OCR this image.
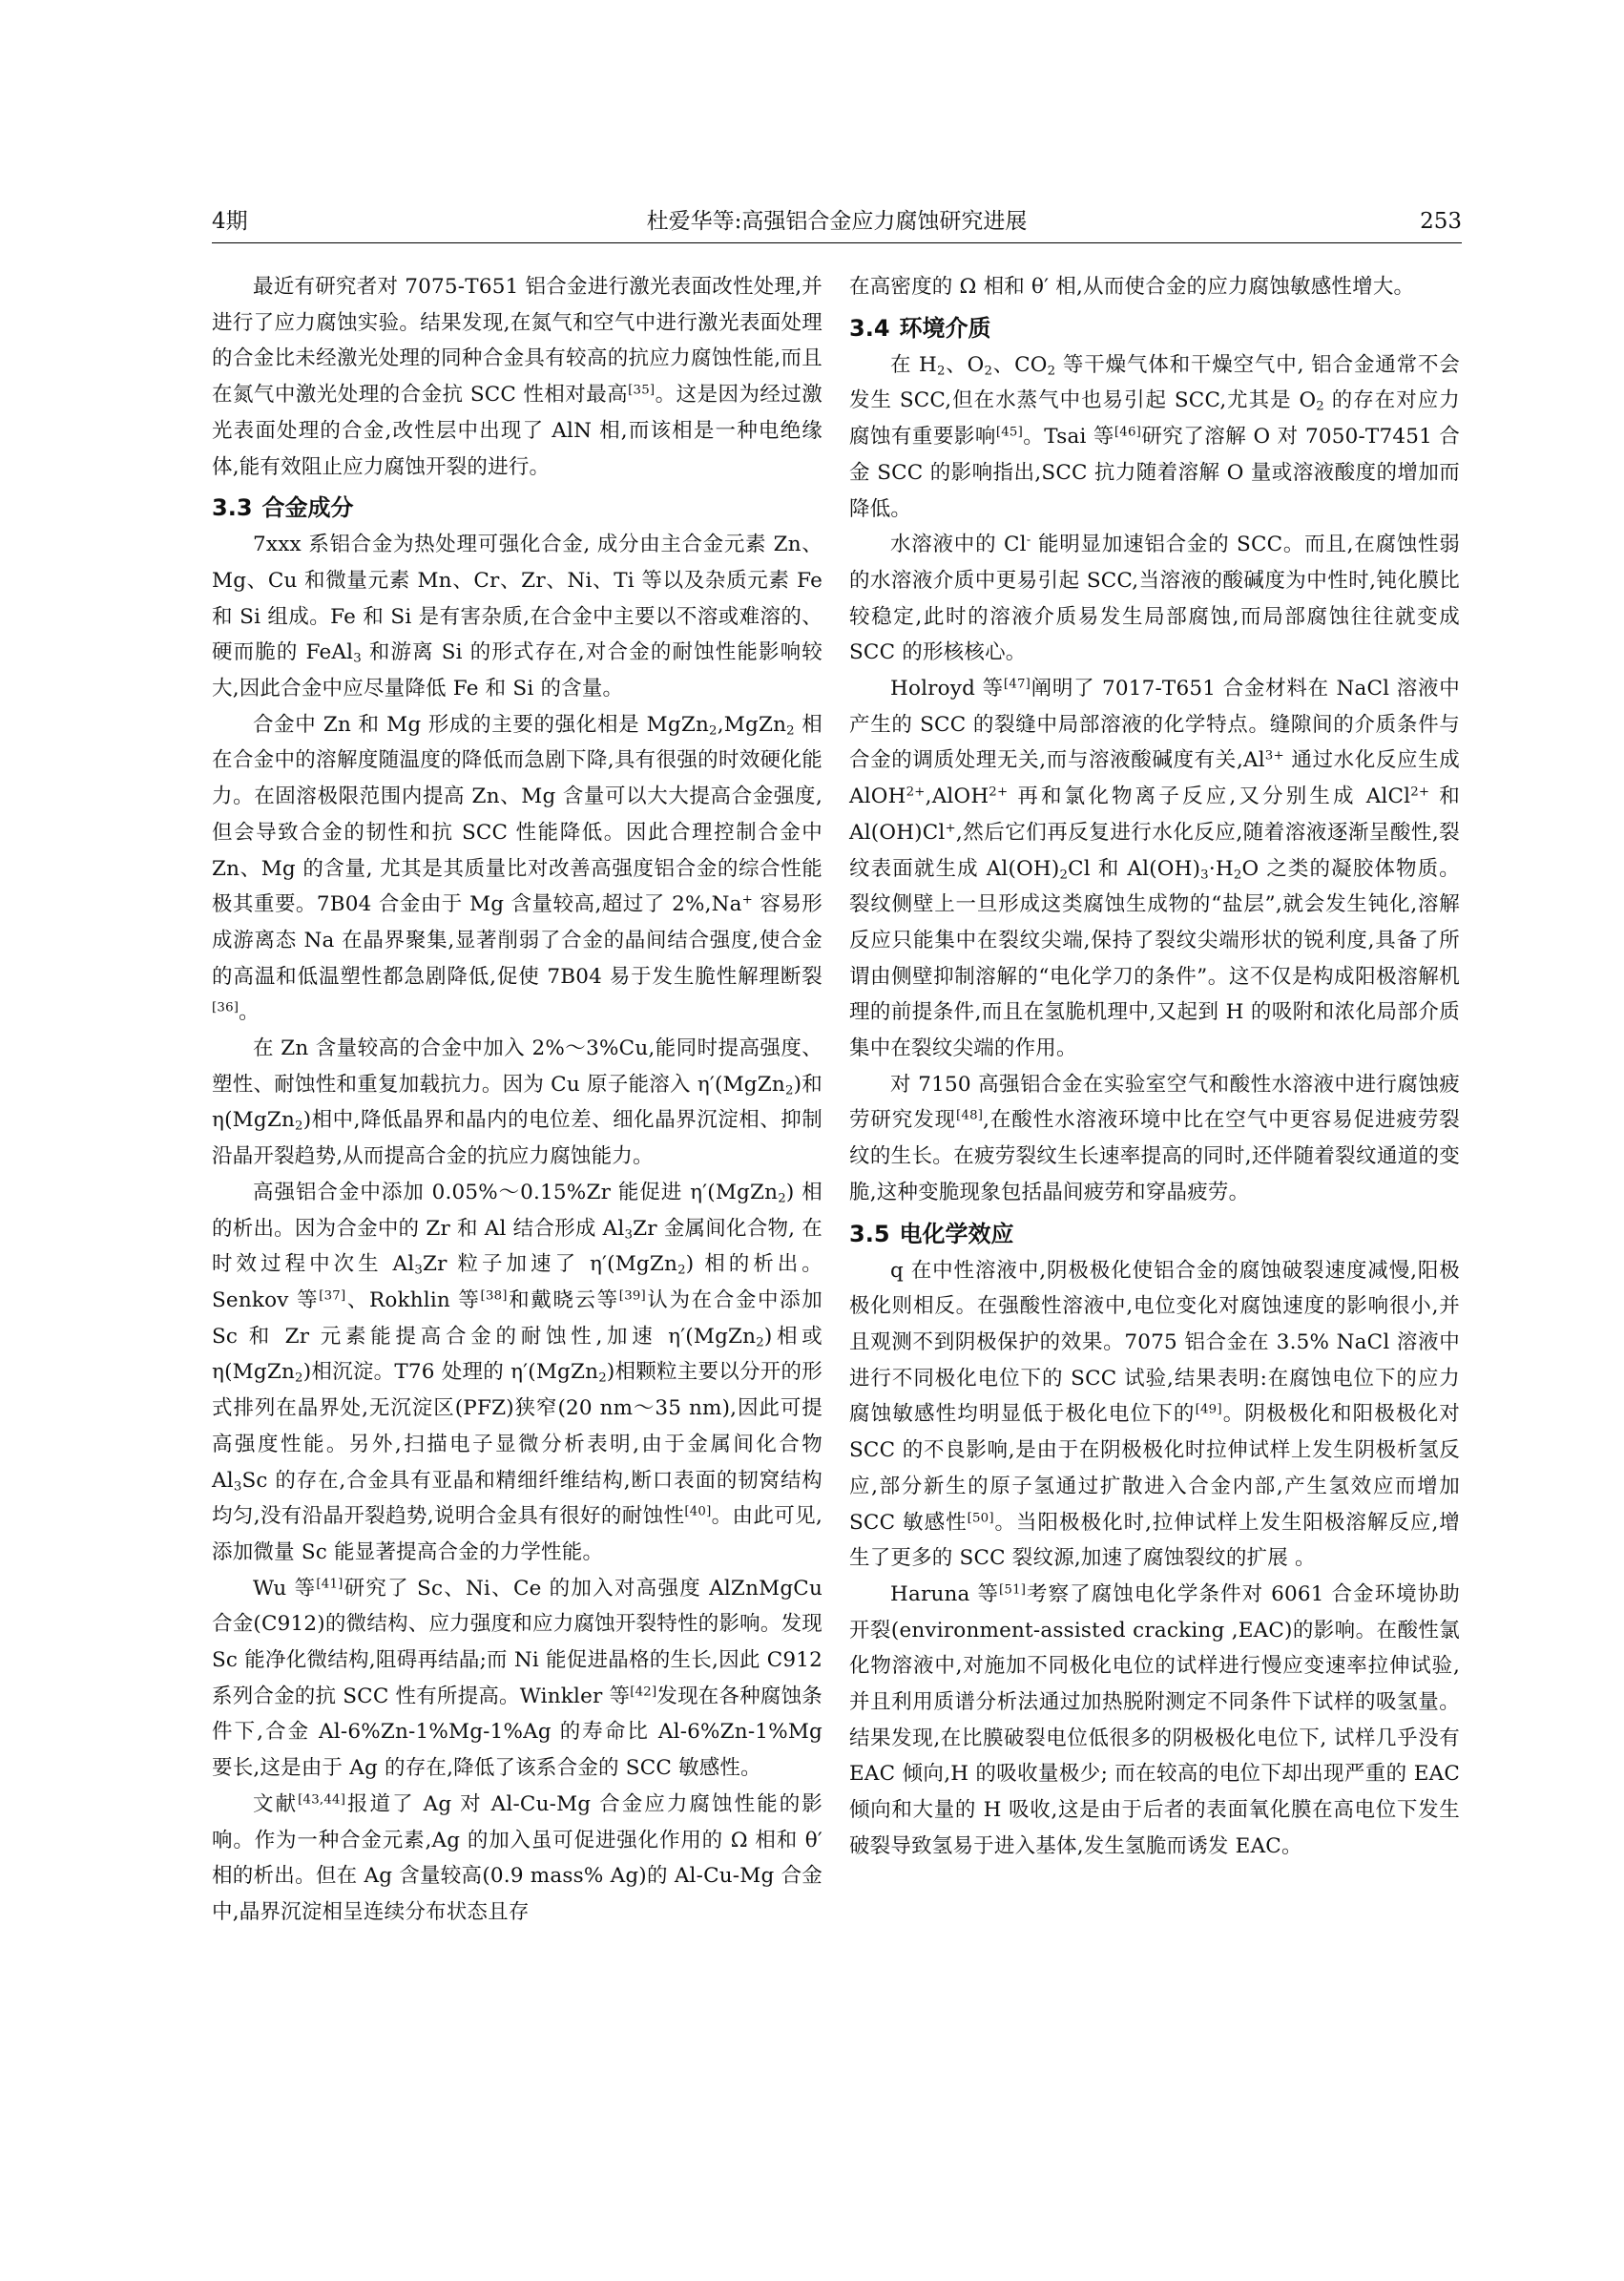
4期	杜爱华等:高强铝合金应力腐蚀研究进展	253

最近有研究者对 7075-T651 铝合金进行激光表面改性处理,并进行了应力腐蚀实验。结果发现,在氮气和空气中进行激光表面处理的合金比未经激光处理的同种合金具有较高的抗应力腐蚀性能,而且在氮气中激光处理的合金抗 SCC 性相对最高[35]。这是因为经过激光表面处理的合金,改性层中出现了 AlN 相,而该相是一种电绝缘体,能有效阻止应力腐蚀开裂的进行。

3.3 合金成分

7xxx 系铝合金为热处理可强化合金, 成分由主合金元素 Zn、Mg、Cu 和微量元素 Mn、Cr、Zr、Ni、Ti 等以及杂质元素 Fe 和 Si 组成。Fe 和 Si 是有害杂质,在合金中主要以不溶或难溶的、硬而脆的 FeAl$_3$ 和游离 Si 的形式存在,对合金的耐蚀性能影响较大,因此合金中应尽量降低 Fe 和 Si 的含量。

合金中 Zn 和 Mg 形成的主要的强化相是 MgZn$_2$,MgZn$_2$ 相在合金中的溶解度随温度的降低而急剧下降,具有很强的时效硬化能力。在固溶极限范围内提高 Zn、Mg 含量可以大大提高合金强度,但会导致合金的韧性和抗 SCC 性能降低。因此合理控制合金中 Zn、Mg 的含量, 尤其是其质量比对改善高强度铝合金的综合性能极其重要。7B04 合金由于 Mg 含量较高,超过了 2%,Na+ 容易形成游离态 Na 在晶界聚集,显著削弱了合金的晶间结合强度,使合金的高温和低温塑性都急剧降低,促使 7B04 易于发生脆性解理断裂[36]。

在 Zn 含量较高的合金中加入 2%～3%Cu,能同时提高强度、塑性、耐蚀性和重复加载抗力。因为 Cu 原子能溶入 η′(MgZn$_2$)和 η(MgZn$_2$)相中,降低晶界和晶内的电位差、细化晶界沉淀相、抑制沿晶开裂趋势,从而提高合金的抗应力腐蚀能力。

高强铝合金中添加 0.05%～0.15%Zr 能促进 η′(MgZn$_2$) 相的析出。因为合金中的 Zr 和 Al 结合形成 $Al_3Zr$ 金属间化合物, 在时效过程中次生 $Al_3Zr$ 粒子加速了 η′(MgZn$_2$) 相的析出。Senkov 等[37]、Rokhlin 等[38]和戴晓云等[39]认为在合金中添加 Sc 和 Zr 元素能提高合金的耐蚀性,加速 η′(MgZn$_2$)相或 η(MgZn$_2$)相沉淀。T76 处理的 η′(MgZn$_2$)相颗粒主要以分开的形式排列在晶界处,无沉淀区(PFZ)狭窄(20 nm～35 nm),因此可提高强度性能。另外,扫描电子显微分析表明,由于金属间化合物 $Al_3Sc$ 的存在,合金具有亚晶和精细纤维结构,断口表面的韧窝结构均匀,没有沿晶开裂趋势,说明合金具有很好的耐蚀性[40]。由此可见,添加微量 Sc 能显著提高合金的力学性能。

Wu 等[41]研究了 Sc、Ni、Ce 的加入对高强度 AlZnMgCu 合金(C912)的微结构、应力强度和应力腐蚀开裂特性的影响。发现 Sc 能净化微结构,阻碍再结晶;而 Ni 能促进晶格的生长,因此 C912 系列合金的抗 SCC 性有所提高。Winkler 等[42]发现在各种腐蚀条件下,合金 Al-6%Zn-1%Mg-1%Ag 的寿命比 Al-6%Zn-1%Mg 要长,这是由于 Ag 的存在,降低了该系合金的 SCC 敏感性。

文献[43,44]报道了 Ag 对 Al-Cu-Mg 合金应力腐蚀性能的影响。作为一种合金元素,Ag 的加入虽可促进强化作用的 Ω 相和 θ′ 相的析出。但在 Ag 含量较高(0.9 mass% Ag)的 Al-Cu-Mg 合金中,晶界沉淀相呈连续分布状态且存

在高密度的 Ω 相和 θ′ 相,从而使合金的应力腐蚀敏感性增大。

3.4 环境介质

在 $H_2$、$O_2$、$CO_2$ 等干燥气体和干燥空气中, 铝合金通常不会发生 SCC,但在水蒸气中也易引起 SCC,尤其是 $O_2$ 的存在对应力腐蚀有重要影响[45]。Tsai 等[46]研究了溶解 O 对 7050-T7451 合金 SCC 的影响指出,SCC 抗力随着溶解 O 量或溶液酸度的增加而降低。

水溶液中的 Cl- 能明显加速铝合金的 SCC。而且,在腐蚀性弱的水溶液介质中更易引起 SCC,当溶液的酸碱度为中性时,钝化膜比较稳定,此时的溶液介质易发生局部腐蚀,而局部腐蚀往往就变成 SCC 的形核核心。

Holroyd 等[47]阐明了 7017-T651 合金材料在 NaCl 溶液中产生的 SCC 的裂缝中局部溶液的化学特点。缝隙间的介质条件与合金的调质处理无关,而与溶液酸碱度有关$,Al^{3+}$ 通过水化反应生成 AlOH$^{2+}$,AlOH$^{2+}$ 再和氯化物离子反应,又分别生成 AlCl$^{2+}$ 和 Al(OH)Cl+,然后它们再反复进行水化反应,随着溶液逐渐呈酸性,裂纹表面就生成 $Al(OH)_2Cl$ 和 $Al(OH)_3\cdot H_2O$ 之类的凝胶体物质。裂纹侧壁上一旦形成这类腐蚀生成物的“盐层”,就会发生钝化,溶解反应只能集中在裂纹尖端,保持了裂纹尖端形状的锐利度,具备了所谓由侧壁抑制溶解的“电化学刀的条件”。这不仅是构成阳极溶解机理的前提条件,而且在氢脆机理中,又起到 H 的吸附和浓化局部介质集中在裂纹尖端的作用。

对 7150 高强铝合金在实验室空气和酸性水溶液中进行腐蚀疲劳研究发现[48],在酸性水溶液环境中比在空气中更容易促进疲劳裂纹的生长。在疲劳裂纹生长速率提高的同时,还伴随着裂纹通道的变脆,这种变脆现象包括晶间疲劳和穿晶疲劳。

3.5 电化学效应

q 在中性溶液中,阴极极化使铝合金的腐蚀破裂速度减慢,阳极极化则相反。在强酸性溶液中,电位变化对腐蚀速度的影响很小,并且观测不到阴极保护的效果。7075 铝合金在 3.5% NaCl 溶液中进行不同极化电位下的 SCC 试验,结果表明:在腐蚀电位下的应力腐蚀敏感性均明显低于极化电位下的[49]。阴极极化和阳极极化对 SCC 的不良影响,是由于在阴极极化时拉伸试样上发生阴极析氢反应,部分新生的原子氢通过扩散进入合金内部,产生氢效应而增加 SCC 敏感性[50]。当阳极极化时,拉伸试样上发生阳极溶解反应,增生了更多的 SCC 裂纹源,加速了腐蚀裂纹的扩展 。

Haruna 等[51]考察了腐蚀电化学条件对 6061 合金环境协助开裂(environment-assisted cracking ,EAC)的影响。在酸性氯化物溶液中,对施加不同极化电位的试样进行慢应变速率拉伸试验,并且利用质谱分析法通过加热脱附测定不同条件下试样的吸氢量。结果发现,在比膜破裂电位低很多的阴极极化电位下, 试样几乎没有 EAC 倾向,H 的吸收量极少; 而在较高的电位下却出现严重的 EAC 倾向和大量的 H 吸收,这是由于后者的表面氧化膜在高电位下发生破裂导致氢易于进入基体,发生氢脆而诱发 EAC。
